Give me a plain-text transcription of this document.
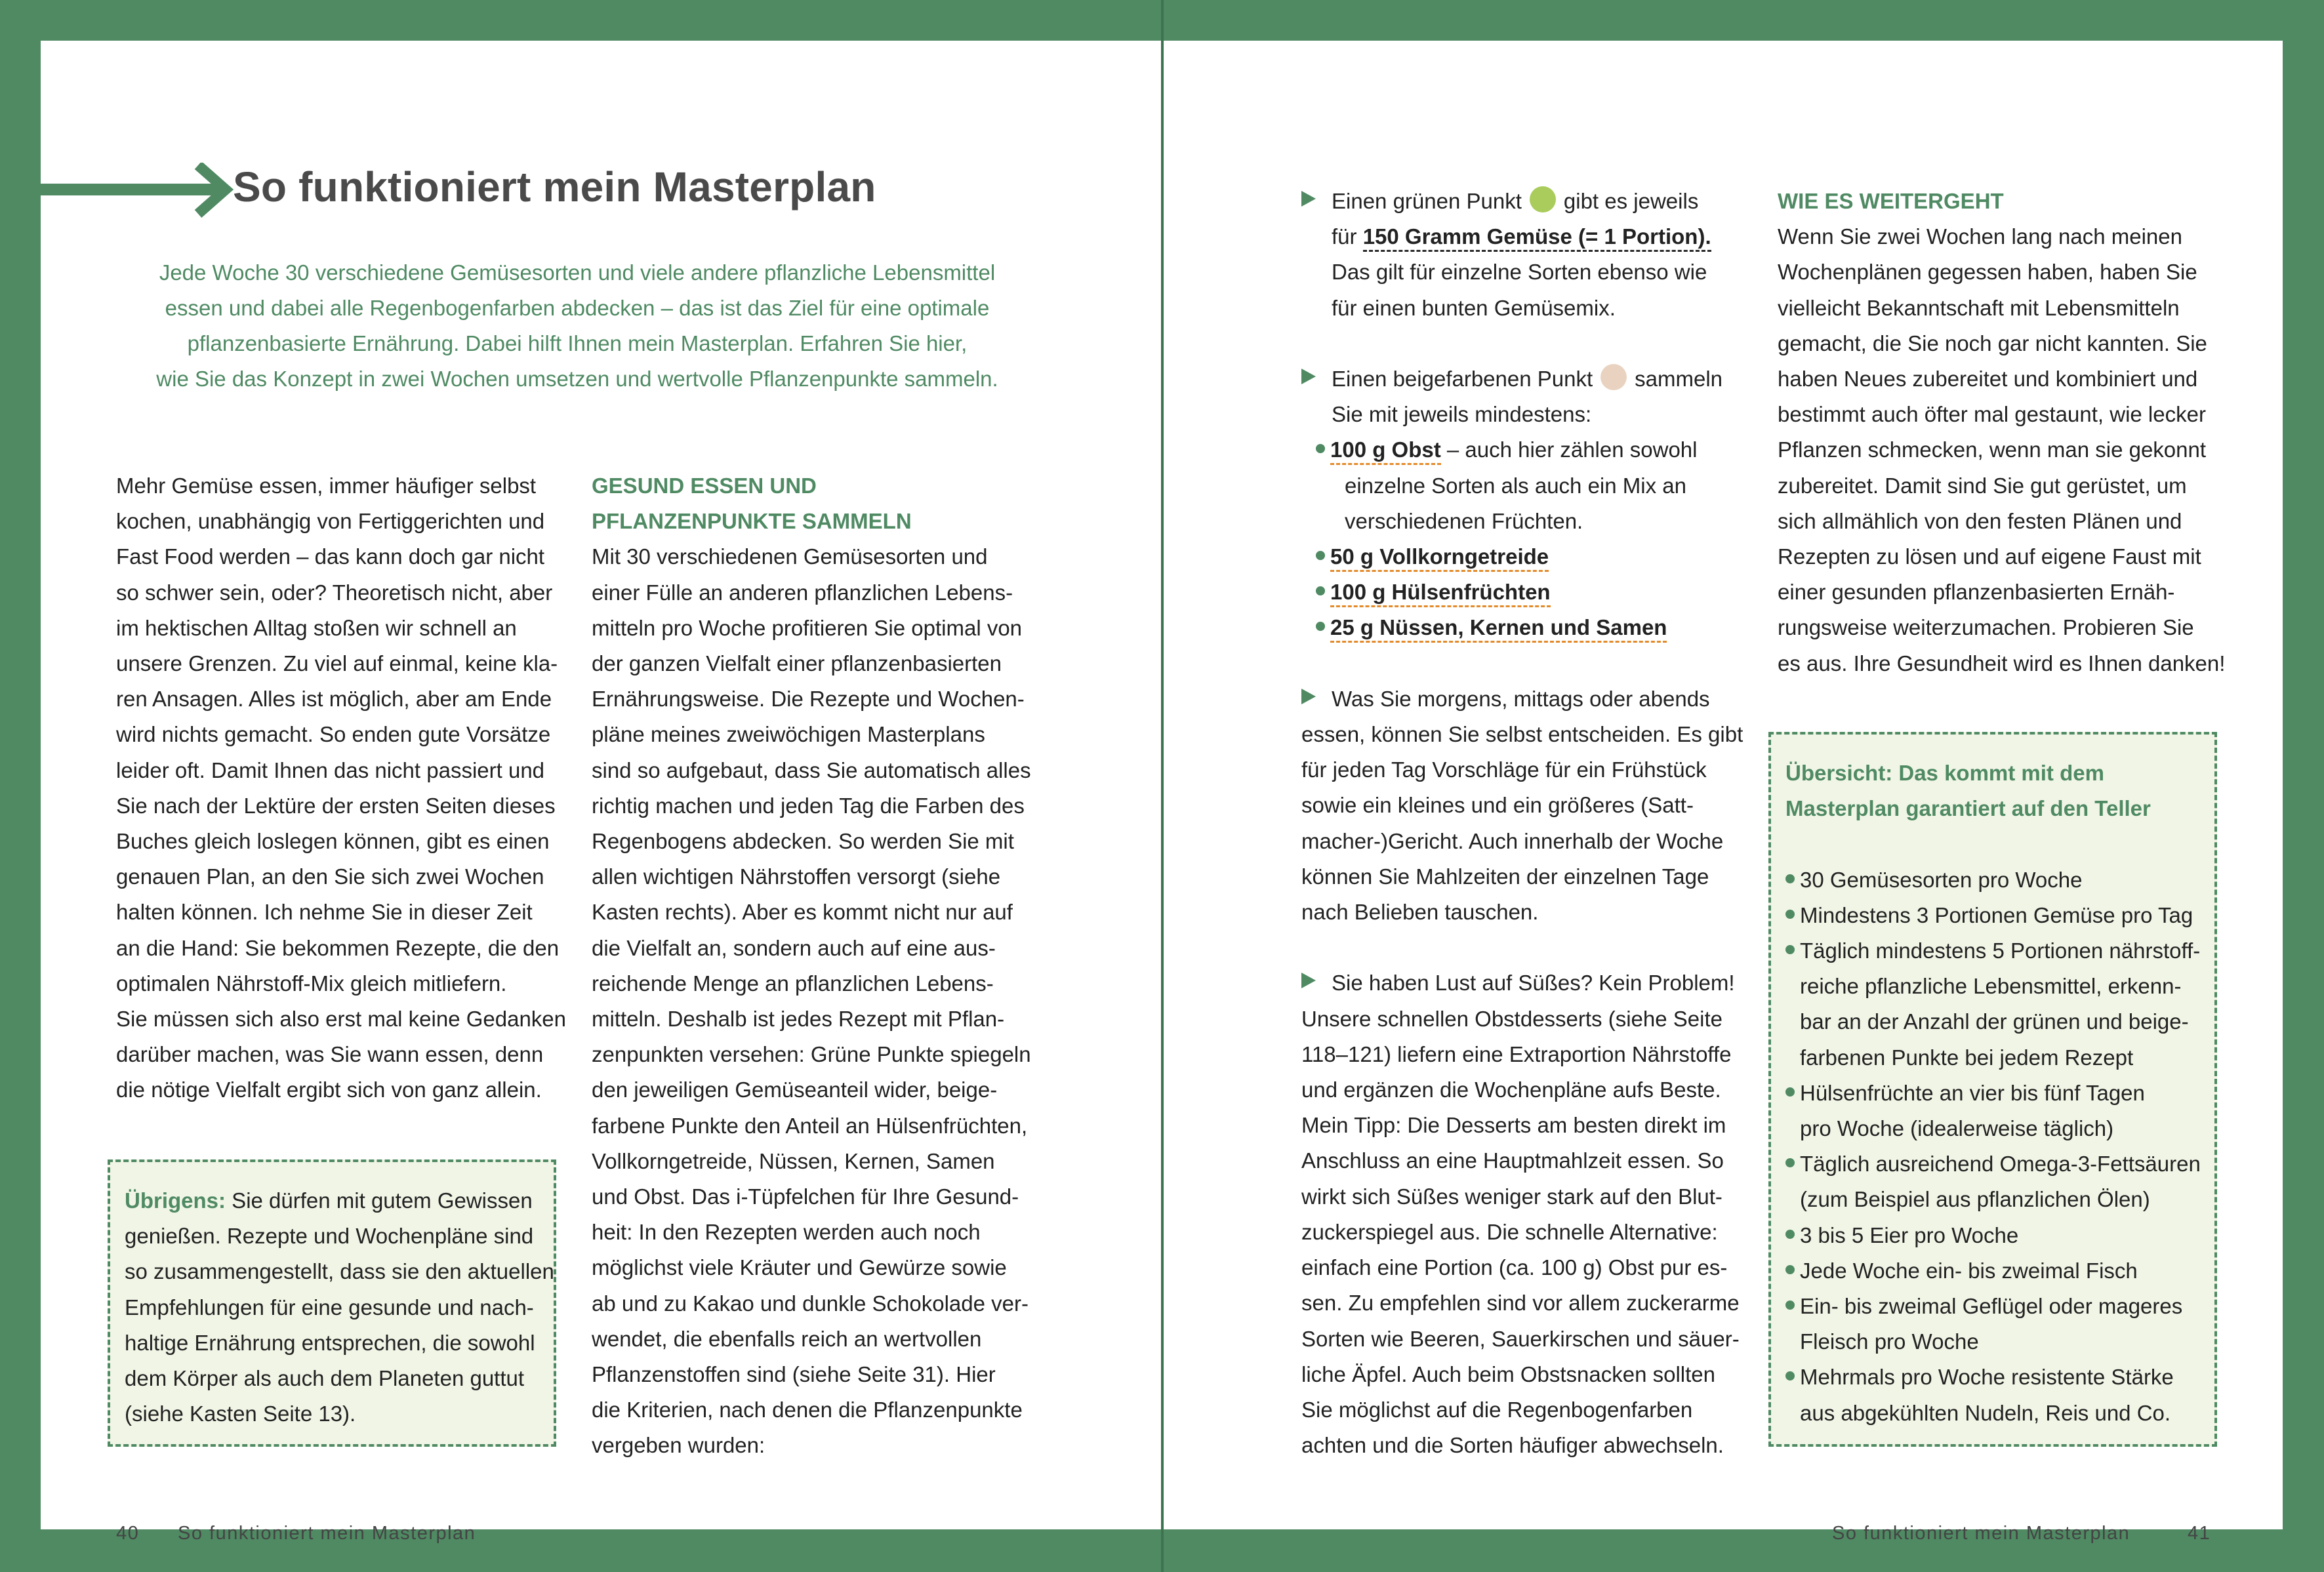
So funktioniert mein Masterplan
Jede Woche 30 verschiedene Gemüsesorten und viele andere pflanzliche Lebensmittel
essen und dabei alle Regenbogenfarben abdecken – das ist das Ziel für eine optimale
pflanzenbasierte Ernährung. Dabei hilft Ihnen mein Masterplan. Erfahren Sie hier,
wie Sie das Konzept in zwei Wochen umsetzen und wertvolle Pflanzenpunkte sammeln.
Mehr Gemüse essen, immer häufiger selbst
kochen, unabhängig von Fertiggerichten und
Fast Food werden – das kann doch gar nicht
so schwer sein, oder? Theoretisch nicht, aber
im hektischen Alltag stoßen wir schnell an
unsere Grenzen. Zu viel auf einmal, keine kla-
ren Ansagen. Alles ist möglich, aber am Ende
wird nichts gemacht. So enden gute Vorsätze
leider oft. Damit Ihnen das nicht passiert und
Sie nach der Lektüre der ersten Seiten dieses
Buches gleich loslegen können, gibt es einen
genauen Plan, an den Sie sich zwei Wochen
halten können. Ich nehme Sie in dieser Zeit
an die Hand: Sie bekommen Rezepte, die den
optimalen Nährstoff-Mix gleich mitliefern.
Sie müssen sich also erst mal keine Gedanken
darüber machen, was Sie wann essen, denn
die nötige Vielfalt ergibt sich von ganz allein.
Übrigens: Sie dürfen mit gutem Gewissen
genießen. Rezepte und Wochenpläne sind
so zusammengestellt, dass sie den aktuellen
Empfehlungen für eine gesunde und nach-
haltige Ernährung entsprechen, die sowohl
dem Körper als auch dem Planeten guttut
(siehe Kasten Seite 13).
GESUND ESSEN UND
PFLANZENPUNKTE SAMMELN
Mit 30 verschiedenen Gemüsesorten und
einer Fülle an anderen pflanzlichen Lebens-
mitteln pro Woche profitieren Sie optimal von
der ganzen Vielfalt einer pflanzenbasierten
Ernährungsweise. Die Rezepte und Wochen-
pläne meines zweiwöchigen Masterplans
sind so aufgebaut, dass Sie automatisch alles
richtig machen und jeden Tag die Farben des
Regenbogens abdecken. So werden Sie mit
allen wichtigen Nährstoffen versorgt (siehe
Kasten rechts). Aber es kommt nicht nur auf
die Vielfalt an, sondern auch auf eine aus-
reichende Menge an pflanzlichen Lebens-
mitteln. Deshalb ist jedes Rezept mit Pflan-
zenpunkten versehen: Grüne Punkte spiegeln
den jeweiligen Gemüseanteil wider, beige-
farbene Punkte den Anteil an Hülsenfrüchten,
Vollkorngetreide, Nüssen, Kernen, Samen
und Obst. Das i-Tüpfelchen für Ihre Gesund-
heit: In den Rezepten werden auch noch
möglichst viele Kräuter und Gewürze sowie
ab und zu Kakao und dunkle Schokolade ver-
wendet, die ebenfalls reich an wertvollen
Pflanzenstoffen sind (siehe Seite 31). Hier
die Kriterien, nach denen die Pflanzenpunkte
vergeben wurden:
40 So funktioniert mein Masterplan
Einen grünen Punkt gibt es jeweils
für 150 Gramm Gemüse (= 1 Portion).
Das gilt für einzelne Sorten ebenso wie
für einen bunten Gemüsemix.

Einen beigefarbenen Punkt sammeln
Sie mit jeweils mindestens:
100 g Obst – auch hier zählen sowohl
einzelne Sorten als auch ein Mix an
verschiedenen Früchten.
50 g Vollkorngetreide
100 g Hülsenfrüchten
25 g Nüssen, Kernen und Samen

Was Sie morgens, mittags oder abends
essen, können Sie selbst entscheiden. Es gibt
für jeden Tag Vorschläge für ein Frühstück
sowie ein kleines und ein größeres (Satt-
macher-)Gericht. Auch innerhalb der Woche
können Sie Mahlzeiten der einzelnen Tage
nach Belieben tauschen.

Sie haben Lust auf Süßes? Kein Problem!
Unsere schnellen Obstdesserts (siehe Seite
118–121) liefern eine Extraportion Nährstoffe
und ergänzen die Wochenpläne aufs Beste.
Mein Tipp: Die Desserts am besten direkt im
Anschluss an eine Hauptmahlzeit essen. So
wirkt sich Süßes weniger stark auf den Blut-
zuckerspiegel aus. Die schnelle Alternative:
einfach eine Portion (ca. 100 g) Obst pur es-
sen. Zu empfehlen sind vor allem zuckerarme
Sorten wie Beeren, Sauerkirschen und säuer-
liche Äpfel. Auch beim Obstsnacken sollten
Sie möglichst auf die Regenbogenfarben
achten und die Sorten häufiger abwechseln.
WIE ES WEITERGEHT
Wenn Sie zwei Wochen lang nach meinen
Wochenplänen gegessen haben, haben Sie
vielleicht Bekanntschaft mit Lebensmitteln
gemacht, die Sie noch gar nicht kannten. Sie
haben Neues zubereitet und kombiniert und
bestimmt auch öfter mal gestaunt, wie lecker
Pflanzen schmecken, wenn man sie gekonnt
zubereitet. Damit sind Sie gut gerüstet, um
sich allmählich von den festen Plänen und
Rezepten zu lösen und auf eigene Faust mit
einer gesunden pflanzenbasierten Ernäh-
rungsweise weiterzumachen. Probieren Sie
es aus. Ihre Gesundheit wird es Ihnen danken!
Übersicht: Das kommt mit dem
Masterplan garantiert auf den Teller

30 Gemüsesorten pro Woche
Mindestens 3 Portionen Gemüse pro Tag
Täglich mindestens 5 Portionen nährstoff-
reiche pflanzliche Lebensmittel, erkenn-
bar an der Anzahl der grünen und beige-
farbenen Punkte bei jedem Rezept
Hülsenfrüchte an vier bis fünf Tagen
pro Woche (idealerweise täglich)
Täglich ausreichend Omega-3-Fettsäuren
(zum Beispiel aus pflanzlichen Ölen)
3 bis 5 Eier pro Woche
Jede Woche ein- bis zweimal Fisch
Ein- bis zweimal Geflügel oder mageres
Fleisch pro Woche
Mehrmals pro Woche resistente Stärke
aus abgekühlten Nudeln, Reis und Co.
So funktioniert mein Masterplan	41
